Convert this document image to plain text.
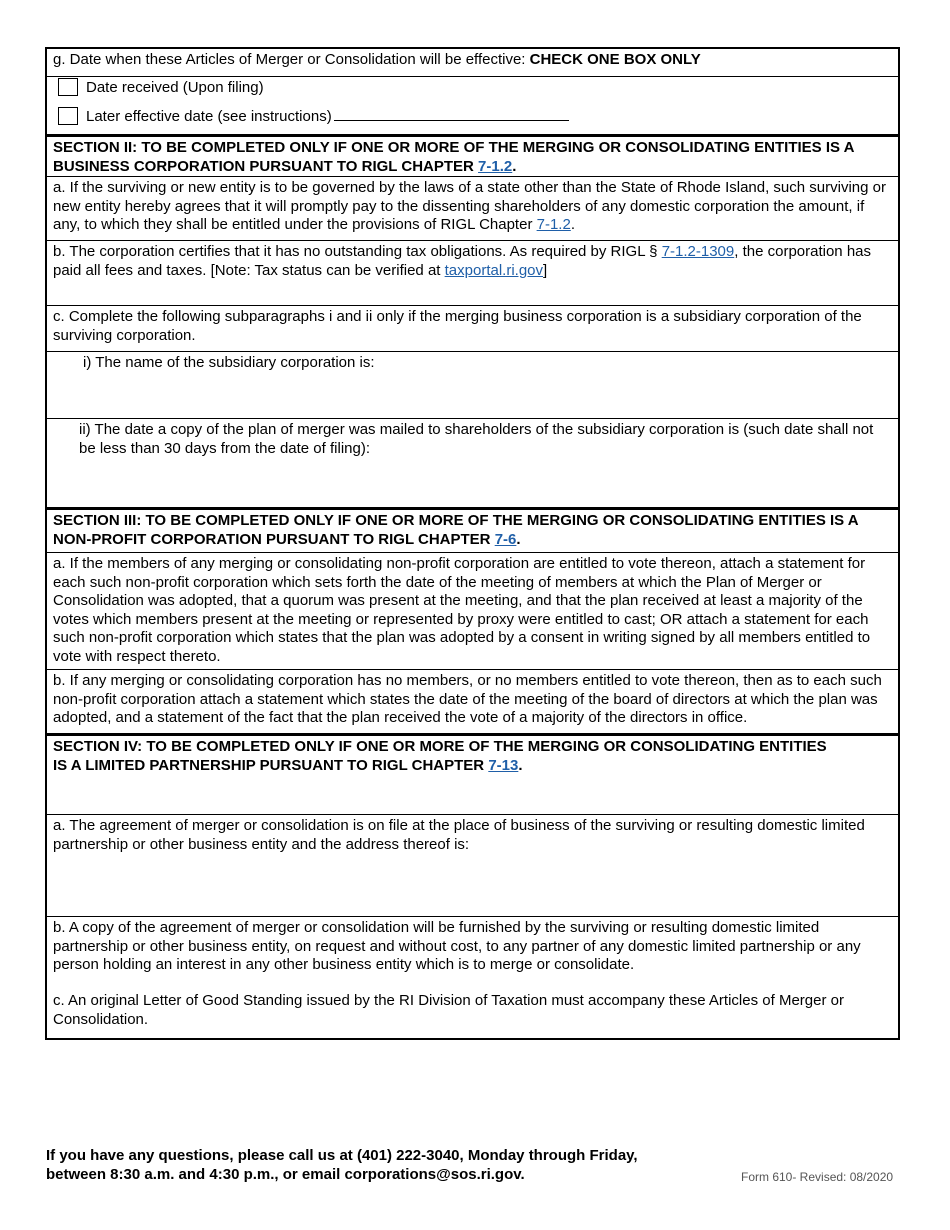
g. Date when these Articles of Merger or Consolidation will be effective: CHECK ONE BOX ONLY
Date received (Upon filing)
Later effective date (see instructions)
SECTION II: TO BE COMPLETED ONLY IF ONE OR MORE OF THE MERGING OR CONSOLIDATING ENTITIES IS A BUSINESS CORPORATION PURSUANT TO RIGL CHAPTER 7-1.2.
a. If the surviving or new entity is to be governed by the laws of a state other than the State of Rhode Island, such surviving or new entity hereby agrees that it will promptly pay to the dissenting shareholders of any domestic corporation the amount, if any, to which they shall be entitled under the provisions of RIGL Chapter 7-1.2.
b. The corporation certifies that it has no outstanding tax obligations. As required by RIGL § 7-1.2-1309, the corporation has paid all fees and taxes. [Note: Tax status can be verified at taxportal.ri.gov]
c. Complete the following subparagraphs i and ii only if the merging business corporation is a subsidiary corporation of the surviving corporation.
i) The name of the subsidiary corporation is:
ii) The date a copy of the plan of merger was mailed to shareholders of the subsidiary corporation is (such date shall not be less than 30 days from the date of filing):
SECTION III: TO BE COMPLETED ONLY IF ONE OR MORE OF THE MERGING OR CONSOLIDATING ENTITIES IS A NON-PROFIT CORPORATION PURSUANT TO RIGL CHAPTER 7-6.
a. If the members of any merging or consolidating non-profit corporation are entitled to vote thereon, attach a statement for each such non-profit corporation which sets forth the date of the meeting of members at which the Plan of Merger or Consolidation was adopted, that a quorum was present at the meeting, and that the plan received at least a majority of the votes which members present at the meeting or represented by proxy were entitled to cast; OR attach a statement for each such non-profit corporation which states that the plan was adopted by a consent in writing signed by all members entitled to vote with respect thereto.
b. If any merging or consolidating corporation has no members, or no members entitled to vote thereon, then as to each such non-profit corporation attach a statement which states the date of the meeting of the board of directors at which the plan was adopted, and a statement of the fact that the plan received the vote of a majority of the directors in office.
SECTION IV: TO BE COMPLETED ONLY IF ONE OR MORE OF THE MERGING OR CONSOLIDATING ENTITIES
IS A LIMITED PARTNERSHIP PURSUANT TO RIGL CHAPTER 7-13.
a. The agreement of merger or consolidation is on file at the place of business of the surviving or resulting domestic limited partnership or other business entity and the address thereof is:
b. A copy of the agreement of merger or consolidation will be furnished by the surviving or resulting domestic limited partnership or other business entity, on request and without cost, to any partner of any domestic limited partnership or any person holding an interest in any other business entity which is to merge or consolidate.
c. An original Letter of Good Standing issued by the RI Division of Taxation must accompany these Articles of Merger or Consolidation.
If you have any questions, please call us at (401) 222-3040, Monday through Friday,
between 8:30 a.m. and 4:30 p.m., or email corporations@sos.ri.gov.	Form 610- Revised: 08/2020
